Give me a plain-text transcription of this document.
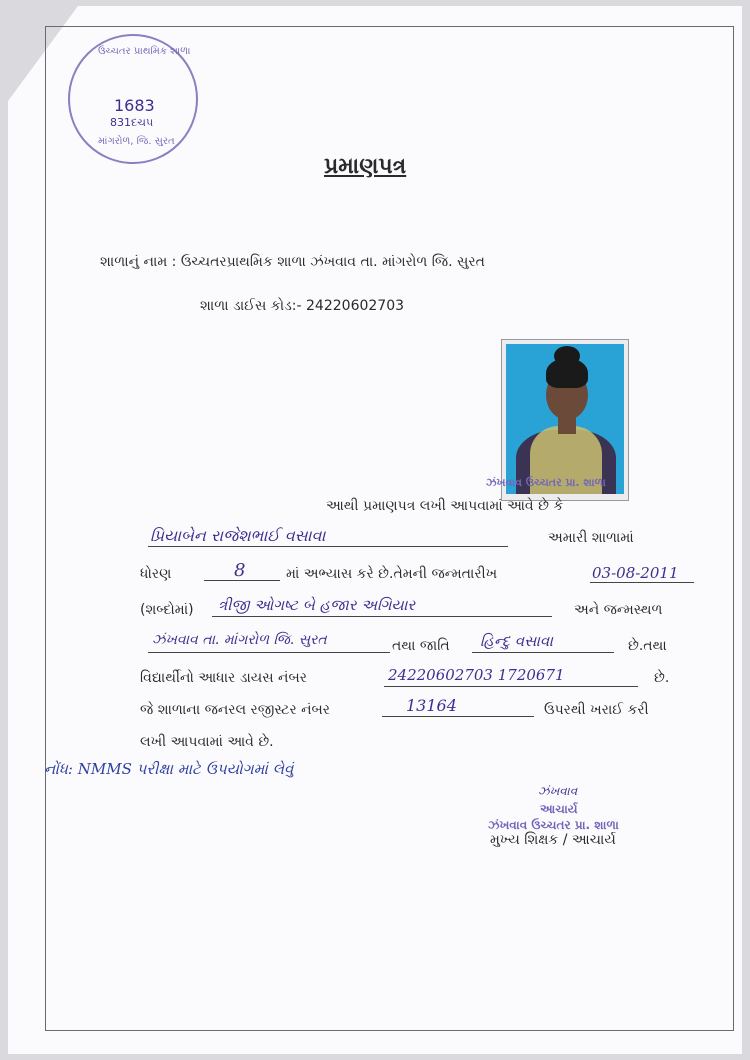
ઉચ્ચતર પ્રાથમિક શાળા
1683
831દચ૫
માંગરોળ, જિ. સુરત
પ્રમાણપત્ર
શાળાનું નામ : ઉચ્ચતરપ્રાથમિક શાળા ઝંખવાવ તા. માંગરોળ જિ. સુરત
શાળા ડાઈસ કોડ:- 24220602703
ઝંખવાવ ઉચ્ચતર પ્રા. શાળા
આથી પ્રમાણપત્ર લખી આપવામાં આવે છે કે
પ્રિયાબેન રાજેશભાઈ વસાવા	અમારી શાળામાં
ધોરણ	8	માં અભ્યાસ કરે છે.તેમની જન્મતારીખ	03-08-2011
(શબ્દોમાં) ત્રીજી ઓગષ્ટ બે હજાર અગિયાર	અને જન્મસ્થળ
ઝંખવાવ તા. માંગરોળ જિ. સુરત	તથા જાતિ હિન્દુ વસાવા	છે.તથા
વિદ્યાર્થીનો આધાર ડાયસ નંબર	24220602703 1720671	છે.
જે શાળાના જનરલ રજીસ્ટર નંબર	13164	ઉપરથી ખરાઈ કરી
લખી આપવામાં આવે છે.
નોંધ: NMMS પરીક્ષા માટે ઉપયોગમાં લેવું
ઝંખવાવ
આચાર્ય
ઝંખવાવ ઉચ્ચતર પ્રા. શાળા
મુખ્ય શિક્ષક / આચાર્ય
